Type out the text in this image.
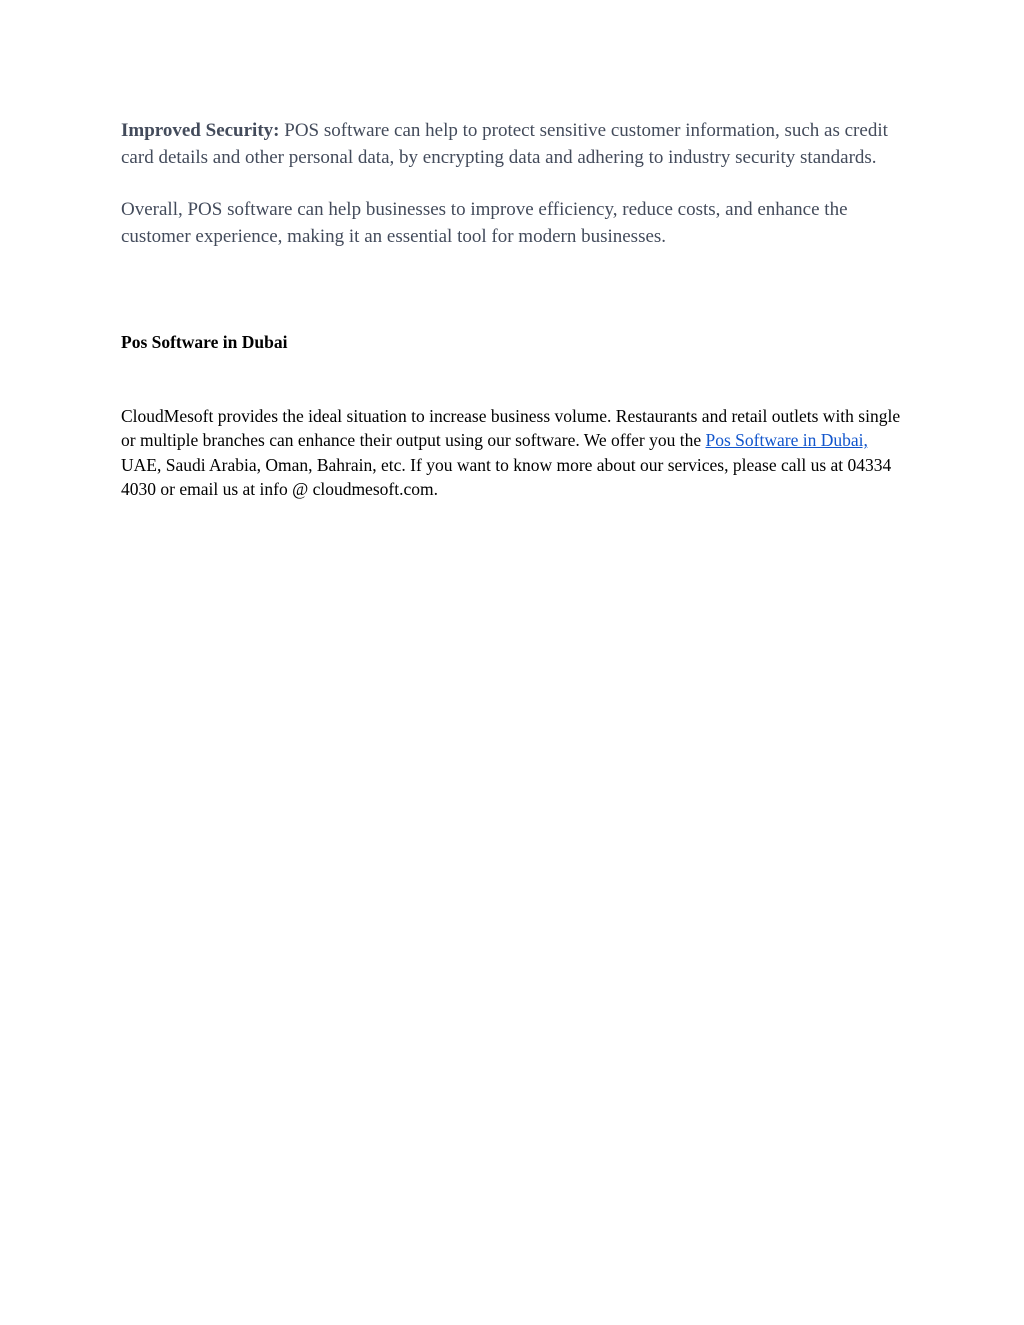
Improved Security: POS software can help to protect sensitive customer information, such as credit card details and other personal data, by encrypting data and adhering to industry security standards.

Overall, POS software can help businesses to improve efficiency, reduce costs, and enhance the customer experience, making it an essential tool for modern businesses.

Pos Software in Dubai

CloudMesoft provides the ideal situation to increase business volume. Restaurants and retail outlets with single or multiple branches can enhance their output using our software. We offer you the Pos Software in Dubai, UAE, Saudi Arabia, Oman, Bahrain, etc. If you want to know more about our services, please call us at 04334 4030 or email us at info @ cloudmesoft.com.
